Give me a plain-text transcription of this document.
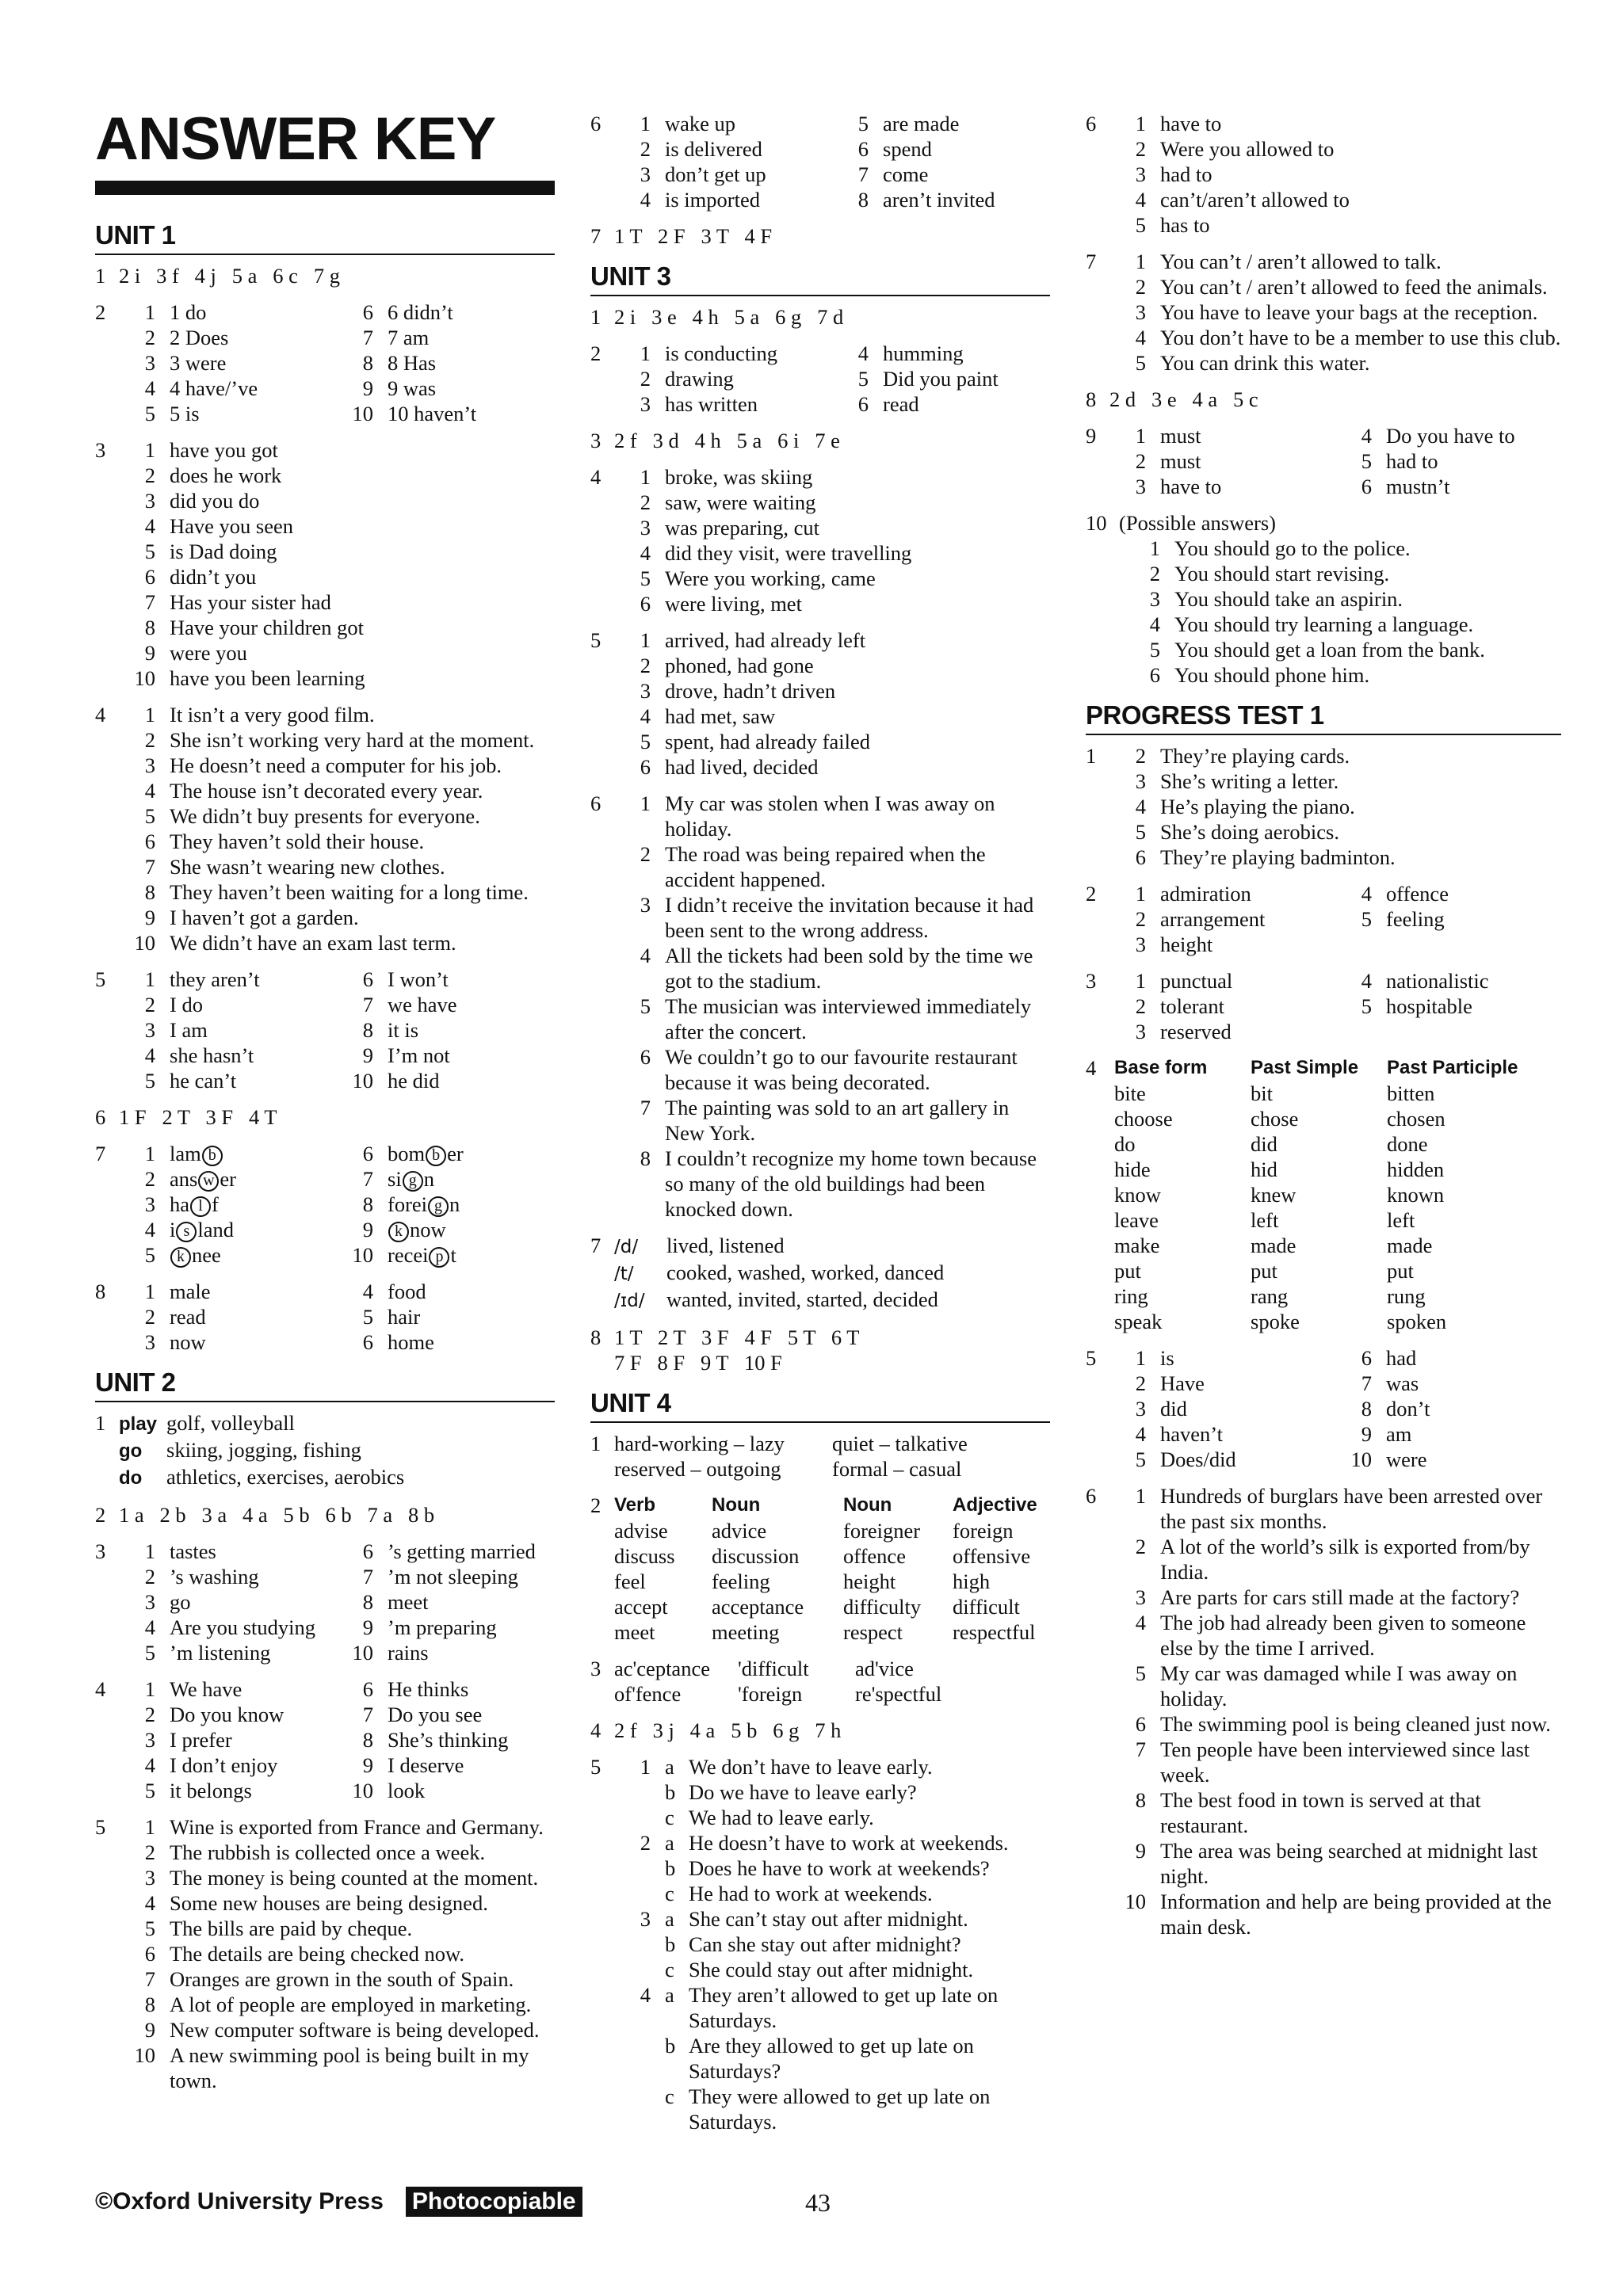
ANSWER KEY
UNIT 1
1 2 i   3 f   4 j   5 a   6 c   7 g
2	1 1 do
2 2 Does
3 3 were
4 4 have/’ve
5 5 is
6 6 didn’t
7 7 am
8 8 Has
9 9 was
10 10 haven’t
3	1 have you got
2 does he work
3 did you do
4 Have you seen
5 is Dad doing
6 didn’t you
7 Has your sister had
8 Have your children got
9 were you
10 have you been learning
4	1 It isn’t a very good film.
2 She isn’t working very hard at the moment.
3 He doesn’t need a computer for his job.
4 The house isn’t decorated every year.
5 We didn’t buy presents for everyone.
6 They haven’t sold their house.
7 She wasn’t wearing new clothes.
8 They haven’t been waiting for a long time.
9 I haven’t got a garden.
10 We didn’t have an exam last term.
5	1 they aren’t
2 I do
3 I am
4 she hasn’t
5 he can’t
6 I won’t
7 we have
8 it is
9 I’m not
10 he did
6 1 F   2 T   3 F   4 T
7	1 lam b
2 ans w er
3 ha l f
4 i s land
5	k nee
6 bom b er
7 si g n
8 forei g n
9	k now
10 recei p t
8	1 male
2 read
3 now
4 food
5 hair
6 home
UNIT 2
1 play golf, volleyball
go skiing, jogging, fishing
do athletics, exercises, aerobics
2 1 a   2 b   3 a   4 a   5 b   6 b   7 a   8 b
3	1 tastes
2 ’s washing
3 go
4 Are you studying
5 ’m listening
6 ’s getting married
7 ’m not sleeping
8 meet
9 ’m preparing
10 rains
4	1 We have
2 Do you know
3 I prefer
4 I don’t enjoy
5 it belongs
6 He thinks
7 Do you see
8 She’s thinking
9 I deserve
10 look
5	1 Wine is exported from France and Germany.
2 The rubbish is collected once a week.
3 The money is being counted at the moment.
4 Some new houses are being designed.
5 The bills are paid by cheque.
6 The details are being checked now.
7 Oranges are grown in the south of Spain.
8 A lot of people are employed in marketing.
9 New computer software is being developed.
10 A new swimming pool is being built in my town.
6	1 wake up
2 is delivered
3 don’t get up
4 is imported
5 are made
6 spend
7 come
8 aren’t invited
7 1 T   2 F   3 T   4 F
UNIT 3
1 2 i   3 e   4 h   5 a   6 g   7 d
2	1 is conducting
2 drawing
3 has written
4 humming
5 Did you paint
6 read
3 2 f   3 d   4 h   5 a   6 i   7 e
4	1 broke, was skiing
2 saw, were waiting
3 was preparing, cut
4 did they visit, were travelling
5 Were you working, came
6 were living, met
5	1 arrived, had already left
2 phoned, had gone
3 drove, hadn’t driven
4 had met, saw
5 spent, had already failed
6 had lived, decided
6	1 My car was stolen when I was away on holiday.
2 The road was being repaired when the accident happened.
3 I didn’t receive the invitation because it had been sent to the wrong address.
4 All the tickets had been sold by the time we got to the stadium.
5 The musician was interviewed immediately after the concert.
6 We couldn’t go to our favourite restaurant because it was being decorated.
7 The painting was sold to an art gallery in New York.
8 I couldn’t recognize my home town because so many of the old buildings had been knocked down.
7 /d/ lived, listened
/t/ cooked, washed, worked, danced
/ɪd/ wanted, invited, started, decided
8 1 T   2 T   3 F   4 F   5 T   6 T
7 F   8 F   9 T   10 F
UNIT 4
1 hard-working – lazy	quiet – talkative
reserved – outgoing	formal – casual
2 Verb	Noun	Noun	Adjective
advise	advice	foreigner	foreign
discuss	discussion	offence	offensive
feel	feeling	height	high
accept	acceptance	difficulty	difficult
meet	meeting	respect	respectful
3 ac'ceptance	'difficult	ad'vice
of'fence	'foreign	re'spectful
4 2 f   3 j   4 a   5 b   6 g   7 h
5	1 a We don’t have to leave early.
b Do we have to leave early?
c We had to leave early.
2 a He doesn’t have to work at weekends.
b Does he have to work at weekends?
c He had to work at weekends.
3 a She can’t stay out after midnight.
b Can she stay out after midnight?
c She could stay out after midnight.
4 a They aren’t allowed to get up late on Saturdays.
b Are they allowed to get up late on Saturdays?
c They were allowed to get up late on Saturdays.
6	1 have to
2 Were you allowed to
3 had to
4 can’t/aren’t allowed to
5 has to
7	1 You can’t / aren’t allowed to talk.
2 You can’t / aren’t allowed to feed the animals.
3 You have to leave your bags at the reception.
4 You don’t have to be a member to use this club.
5 You can drink this water.
8 2 d   3 e   4 a   5 c
9	1 must
2 must
3 have to
4 Do you have to
5 had to
6 mustn’t
10 (Possible answers)
1 You should go to the police.
2 You should start revising.
3 You should take an aspirin.
4 You should try learning a language.
5 You should get a loan from the bank.
6 You should phone him.
PROGRESS TEST 1
1	2 They’re playing cards.
3 She’s writing a letter.
4 He’s playing the piano.
5 She’s doing aerobics.
6 They’re playing badminton.
2	1 admiration
2 arrangement
3 height
4 offence
5 feeling
3	1 punctual
2 tolerant
3 reserved
4 nationalistic
5 hospitable
4 Base form	Past Simple	Past Participle
bite	bit	bitten
choose	chose	chosen
do	did	done
hide	hid	hidden
know	knew	known
leave	left	left
make	made	made
put	put	put
ring	rang	rung
speak	spoke	spoken
5	1 is
2 Have
3 did
4 haven’t
5 Does/did
6 had
7 was
8 don’t
9 am
10 were
6	1 Hundreds of burglars have been arrested over the past six months.
2 A lot of the world’s silk is exported from/by India.
3 Are parts for cars still made at the factory?
4 The job had already been given to someone else by the time I arrived.
5 My car was damaged while I was away on holiday.
6 The swimming pool is being cleaned just now.
7 Ten people have been interviewed since last week.
8 The best food in town is served at that restaurant.
9 The area was being searched at midnight last night.
10 Information and help are being provided at the main desk.
©Oxford University Press Photocopiable	43
